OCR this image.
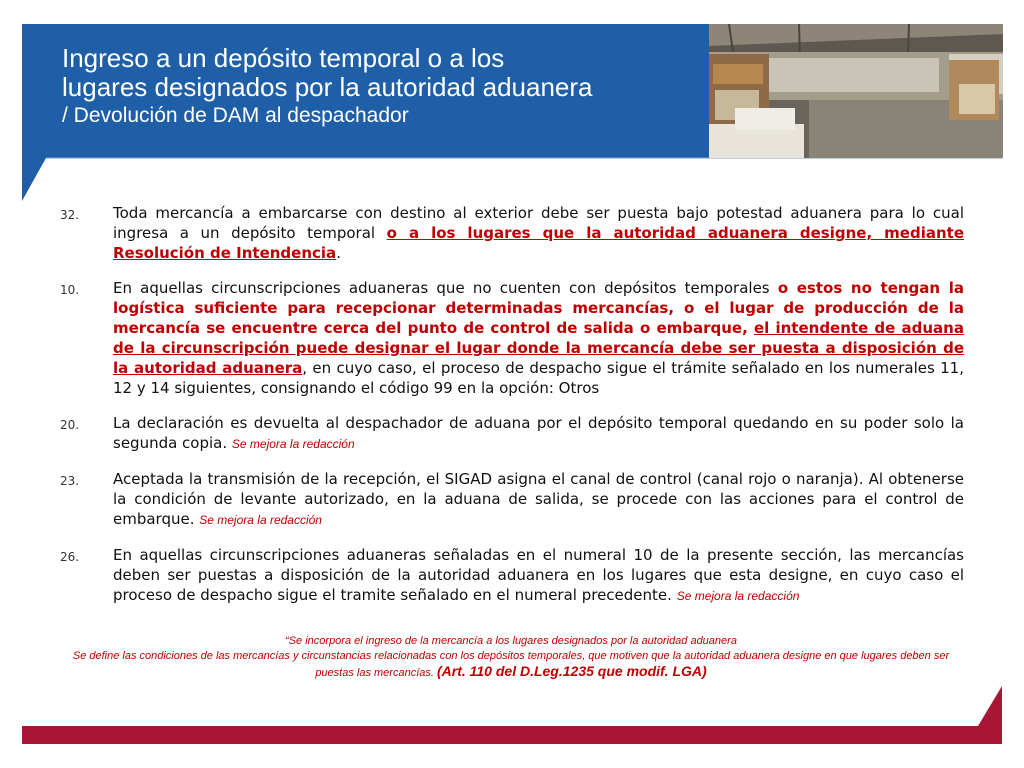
Ingreso a un depósito temporal o a los
lugares designados por la autoridad aduanera
/ Devolución de DAM al despachador
32. Toda mercancía a embarcarse con destino al exterior debe ser puesta bajo potestad aduanera para lo cual ingresa a un depósito temporal o a los lugares que la autoridad aduanera designe, mediante Resolución de Intendencia.
10. En aquellas circunscripciones aduaneras que no cuenten con depósitos temporales o estos no tengan la logística suficiente para recepcionar determinadas mercancías, o el lugar de producción de la mercancía se encuentre cerca del punto de control de salida o embarque, el intendente de aduana de la circunscripción puede designar el lugar donde la mercancía debe ser puesta a disposición de la autoridad aduanera, en cuyo caso, el proceso de despacho sigue el trámite señalado en los numerales 11, 12 y 14 siguientes, consignando el código 99 en la opción: Otros
20. La declaración es devuelta al despachador de aduana por el depósito temporal quedando en su poder solo la segunda copia. Se mejora la redacción
23. Aceptada la transmisión de la recepción, el SIGAD asigna el canal de control (canal rojo o naranja). Al obtenerse la condición de levante autorizado, en la aduana de salida, se procede con las acciones para el control de embarque. Se mejora la redacción
26. En aquellas circunscripciones aduaneras señaladas en el numeral 10 de la presente sección, las mercancías deben ser puestas a disposición de la autoridad aduanera en los lugares que esta designe, en cuyo caso el proceso de despacho sigue el tramite señalado en el numeral precedente. Se mejora la redacción
“Se incorpora el ingreso de la mercancía a los lugares designados por la autoridad aduanera
Se define las condiciones de las mercancías y circunstancias relacionadas con los depósitos temporales, que motiven que la autoridad aduanera designe en que lugares deben ser puestas las mercancías. (Art. 110 del D.Leg.1235 que modif. LGA)
